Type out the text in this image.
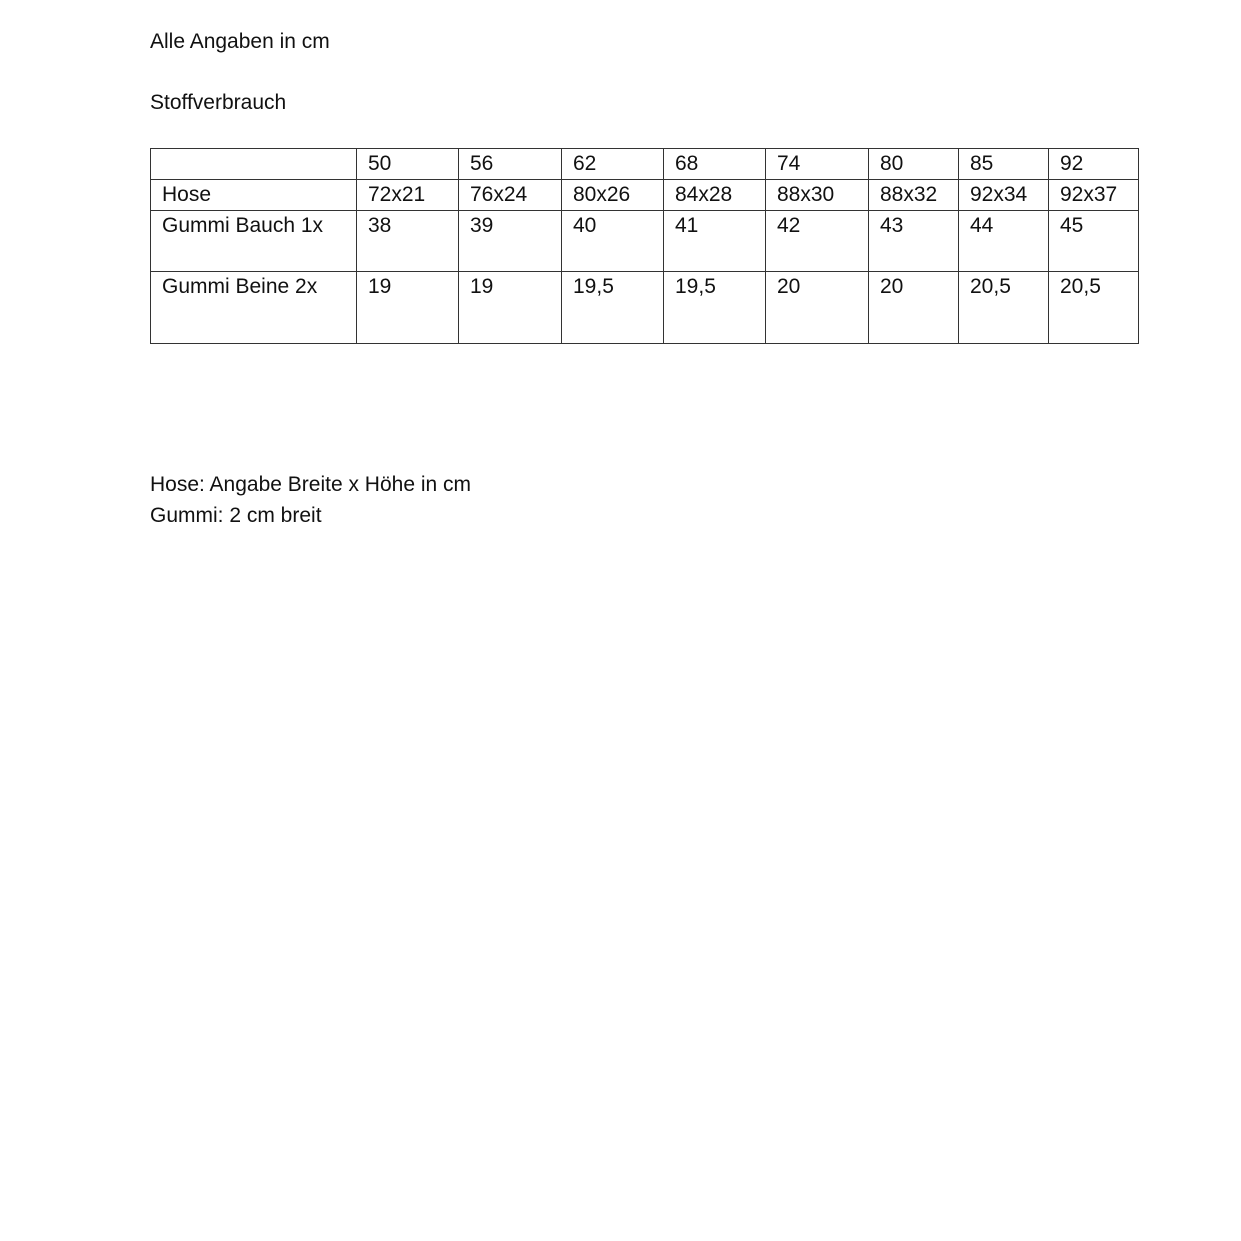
Alle Angaben in cm
Stoffverbrauch
	50	56	62	68	74	80	85	92
Hose	72x21	76x24	80x26	84x28	88x30	88x32	92x34	92x37
Gummi Bauch 1x	38	39	40	41	42	43	44	45
Gummi Beine 2x	19	19	19,5	19,5	20	20	20,5	20,5
Hose: Angabe Breite x Höhe in cm
Gummi: 2 cm breit
